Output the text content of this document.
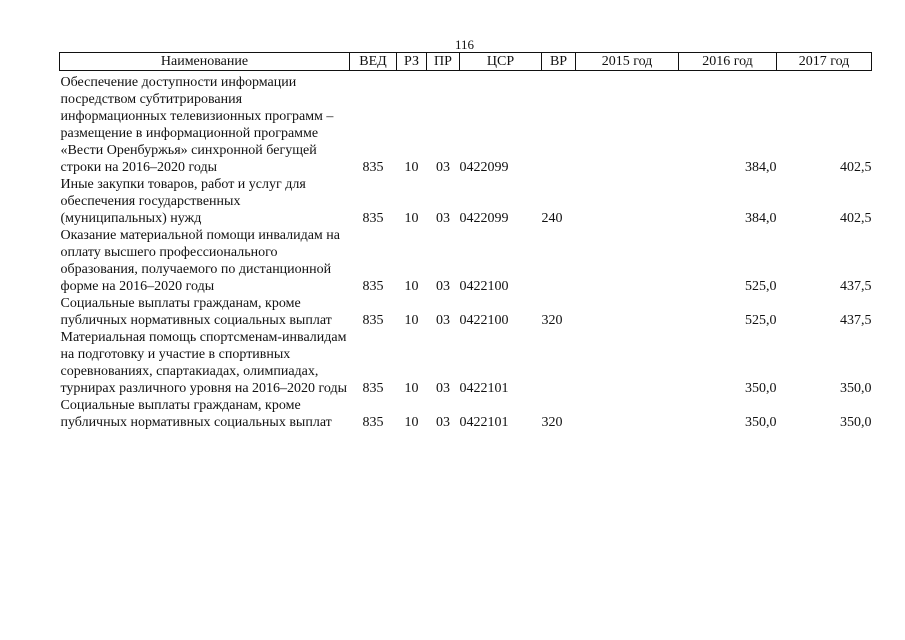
116
Наименование	ВЕД	РЗ	ПР	ЦСР	ВР	2015 год	2016 год	2017 год
Обеспечение доступности информации посредством субтитрирования информационных телевизионных программ – размещение в информационной программе «Вести Оренбуржья» синхронной бегущей строки на 2016–2020 годы	835	10	03	0422099			384,0	402,5
Иные закупки товаров, работ и услуг для обеспечения государственных (муниципальных) нужд	835	10	03	0422099	240		384,0	402,5
Оказание материальной помощи инвалидам на оплату высшего профессионального образования, получаемого по дистанционной форме на 2016–2020 годы	835	10	03	0422100			525,0	437,5
Социальные выплаты гражданам, кроме публичных нормативных социальных выплат	835	10	03	0422100	320		525,0	437,5
Материальная помощь спортсменам-инвалидам на подготовку и участие в спортивных соревнованиях, спартакиадах, олимпиадах, турнирах различного уровня на 2016–2020 годы	835	10	03	0422101			350,0	350,0
Социальные выплаты гражданам, кроме публичных нормативных социальных выплат	835	10	03	0422101	320		350,0	350,0
